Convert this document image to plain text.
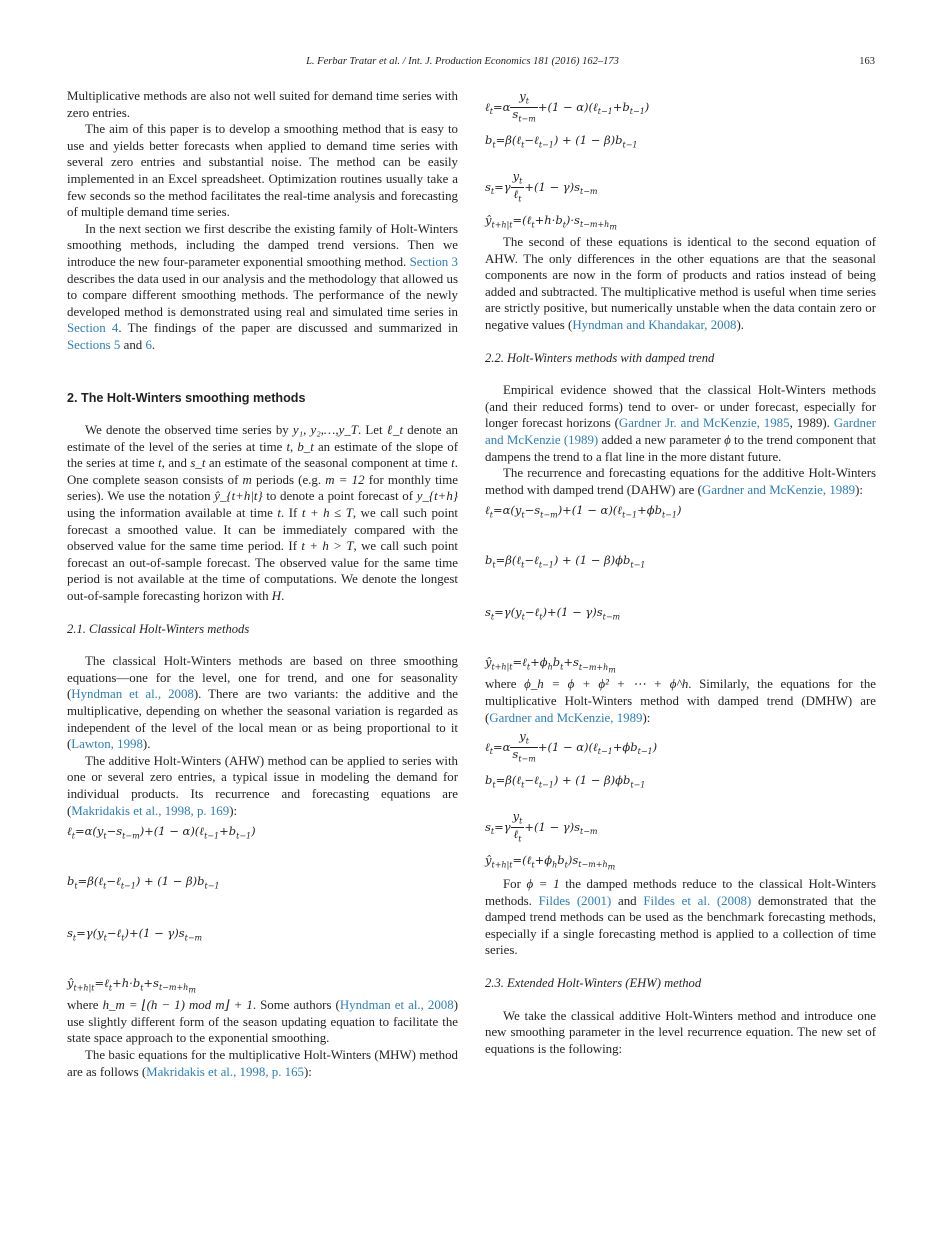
L. Ferbar Tratar et al. / Int. J. Production Economics 181 (2016) 162–173	163

Multiplicative methods are also not well suited for demand time series with zero entries.

The aim of this paper is to develop a smoothing method that is easy to use and yields better forecasts when applied to demand time series with several zero entries and substantial noise. The method can be easily implemented in an Excel spreadsheet. Optimization routines usually take a few seconds so the method facilitates the real-time analysis and forecasting of multiple demand time series.

In the next section we first describe the existing family of Holt-Winters smoothing methods, including the damped trend versions. Then we introduce the new four-parameter exponential smoothing method. Section 3 describes the data used in our analysis and the methodology that allowed us to compare different smoothing methods. The performance of the newly developed method is demonstrated using real and simulated time series in Section 4. The findings of the paper are discussed and summarized in Sections 5 and 6.

2. The Holt-Winters smoothing methods

We denote the observed time series by y₁, y₂,…,y_T. Let ℓ_t denote an estimate of the level of the series at time t, b_t an estimate of the slope of the series at time t, and s_t an estimate of the seasonal component at time t. One complete season consists of m periods (e.g. m = 12 for monthly time series). We use the notation ŷ_{t+h|t} to denote a point forecast of y_{t+h} using the information available at time t. If t + h ≤ T, we call such point forecast a smoothed value. It can be immediately compared with the observed value for the same time period. If t + h > T, we call such point forecast an out-of-sample forecast. The observed value for the same time period is not available at the time of computations. We denote the longest out-of-sample forecasting horizon with H.

2.1. Classical Holt-Winters methods

The classical Holt-Winters methods are based on three smoothing equations—one for the level, one for trend, and one for seasonality (Hyndman et al., 2008). There are two variants: the additive and the multiplicative, depending on whether the seasonal variation is regarded as independent of the level of the local mean or as being proportional to it (Lawton, 1998).

The additive Holt-Winters (AHW) method can be applied to series with one or several zero entries, a typical issue in modeling the demand for individual products. Its recurrence and forecasting equations are (Makridakis et al., 1998, p. 169):

$\ell_t=\alpha(y_t-s_{t-m})+(1$ − $\alpha)(\ell_{t-1}+b_{t-1})$
$b_t=\beta(\ell_t-\ell_{t-1}) + (1 - \beta)b_{t-1}$
$s_t=\gamma(y_t-\ell_t)+(1 - \gamma)s_{t-m}$
$ŷ_{t+h|t}=\ell_t+h\cdot b_t+s_{t-m+h_m}$

where h_m = ⌊(h − 1) mod m⌋ + 1. Some authors (Hyndman et al., 2008) use slightly different form of the season updating equation to facilitate the state space approach to the exponential smoothing.

The basic equations for the multiplicative Holt-Winters (MHW) method are as follows (Makridakis et al., 1998, p. 165):

ℓ$_t$=α $\frac{y_t}{s_{t-m}} +(1$ − $\alpha)(\ell_{t-1}+b_{t-1})$
$b_t=\beta(\ell_t-\ell_{t-1}) + (1 - \beta)b_{t-1}$
$s_t=\gamma \frac{y_t}{\ell_t} +(1 - \gamma)s_{t-m}$
$ŷ_{t+h|t}=(\ell_t+h\cdot b_t)\cdot s_{t-m+h_m}$

The second of these equations is identical to the second equation of AHW. The only differences in the other equations are that the seasonal components are now in the form of products and ratios instead of being added and subtracted. The multiplicative method is useful when time series are strictly positive, but numerically unstable when the data contain zero or negative values (Hyndman and Khandakar, 2008).

2.2. Holt-Winters methods with damped trend

Empirical evidence showed that the classical Holt-Winters methods (and their reduced forms) tend to over- or under forecast, especially for longer forecast horizons (Gardner Jr. and McKenzie, 1985, 1989). Gardner and McKenzie (1989) added a new parameter ϕ to the trend component that dampens the trend to a flat line in the more distant future.

The recurrence and forecasting equations for the additive Holt-Winters method with damped trend (DAHW) are (Gardner and McKenzie, 1989):

$\ell_t=\alpha(y_t-s_{t-m})+(1$ − $\alpha)(\ell_{t-1}+\phi b_{t-1})$
$b_t=\beta(\ell_t-\ell_{t-1}) + (1 - \beta)\phi b_{t-1}$
$s_t=\gamma(y_t-\ell_t)+(1 - \gamma)s_{t-m}$
$ŷ_{t+h|t}=\ell_t+\phi_hb_t+s_{t-m+h_m}$

where ϕ_h = ϕ + ϕ² + ⋯ + ϕ^h. Similarly, the equations for the multiplicative Holt-Winters method with damped trend (DMHW) are (Gardner and McKenzie, 1989):

ℓ$_t$=α $\frac{y_t}{s_{t-m}} +(1$ − $\alpha)(\ell_{t-1}+\phi b_{t-1})$
$b_t=\beta(\ell_t-\ell_{t-1}) + (1 - \beta)\phi b_{t-1}$
$s_t=\gamma \frac{y_t}{\ell_t} +(1 - \gamma)s_{t-m}$
$ŷ_{t+h|t}=(\ell_t+\phi_hb_t)s_{t-m+h_m}$

For ϕ = 1 the damped methods reduce to the classical Holt-Winters methods. Fildes (2001) and Fildes et al. (2008) demonstrated that the damped trend methods can be used as the benchmark forecasting methods, especially if a single forecasting method is applied to a collection of time series.

2.3. Extended Holt-Winters (EHW) method

We take the classical additive Holt-Winters method and introduce one new smoothing parameter in the level recurrence equation. The new set of equations is the following:
